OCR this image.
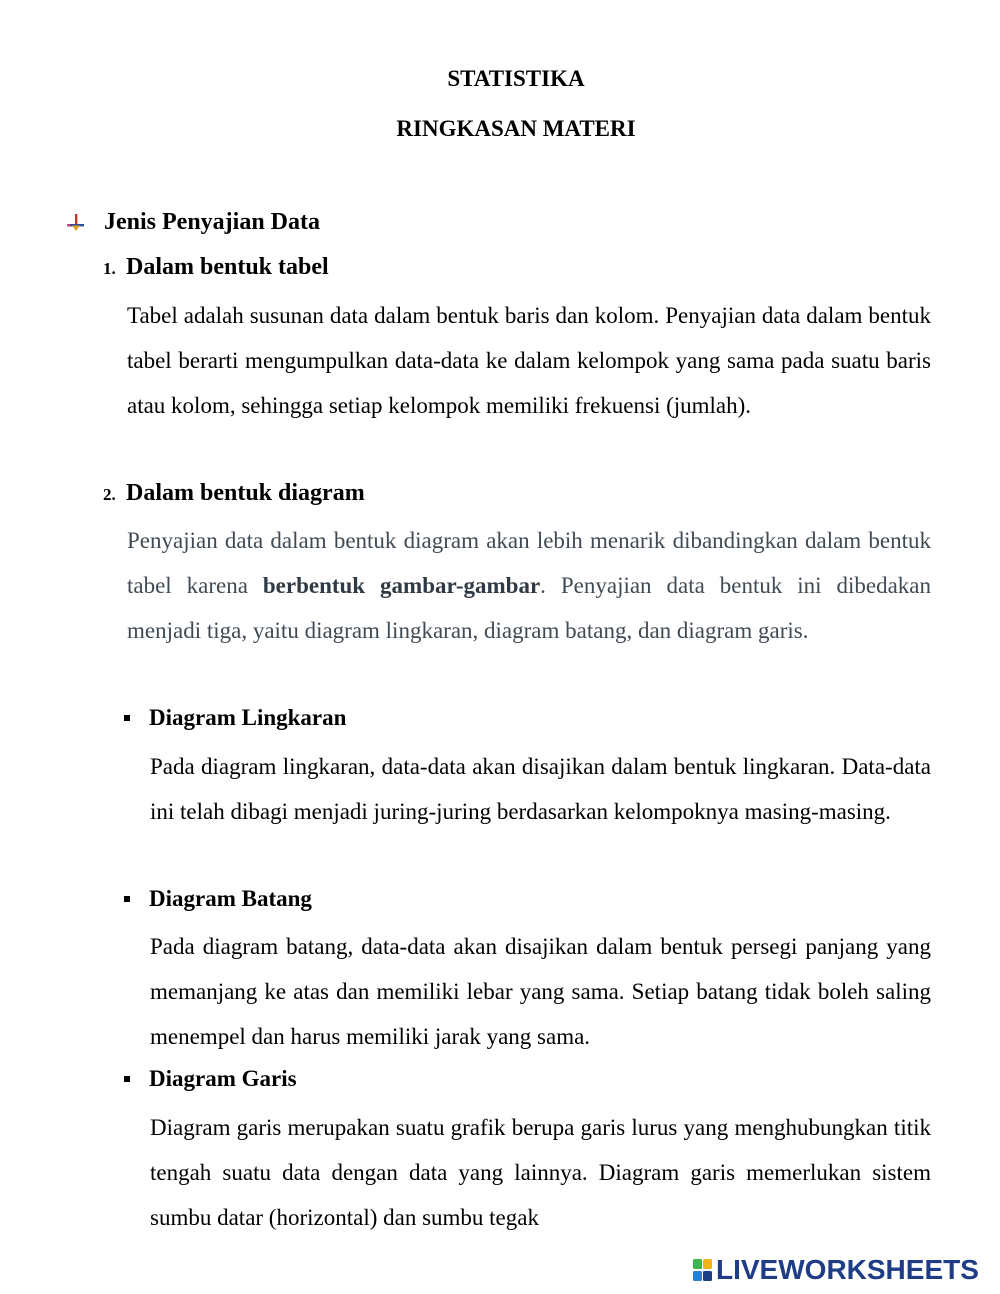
STATISTIKA
RINGKASAN MATERI
Jenis Penyajian Data
1. Dalam bentuk tabel

Tabel adalah susunan data dalam bentuk baris dan kolom. Penyajian data dalam bentuk tabel berarti mengumpulkan data-data ke dalam kelompok yang sama pada suatu baris atau kolom, sehingga setiap kelompok memiliki frekuensi (jumlah).

2. Dalam bentuk diagram

Penyajian data dalam bentuk diagram akan lebih menarik dibandingkan dalam bentuk tabel karena berbentuk gambar-gambar. Penyajian data bentuk ini dibedakan menjadi tiga, yaitu diagram lingkaran, diagram batang, dan diagram garis.

Diagram Lingkaran

Pada diagram lingkaran, data-data akan disajikan dalam bentuk lingkaran. Data-data ini telah dibagi menjadi juring-juring berdasarkan kelompoknya masing-masing.

Diagram Batang

Pada diagram batang, data-data akan disajikan dalam bentuk persegi panjang yang memanjang ke atas dan memiliki lebar yang sama. Setiap batang tidak boleh saling menempel dan harus memiliki jarak yang sama.

Diagram Garis

Diagram garis merupakan suatu grafik berupa garis lurus yang menghubungkan titik tengah suatu data dengan data yang lainnya. Diagram garis memerlukan sistem sumbu datar (horizontal) dan sumbu tegak

LIVEWORKSHEETS
